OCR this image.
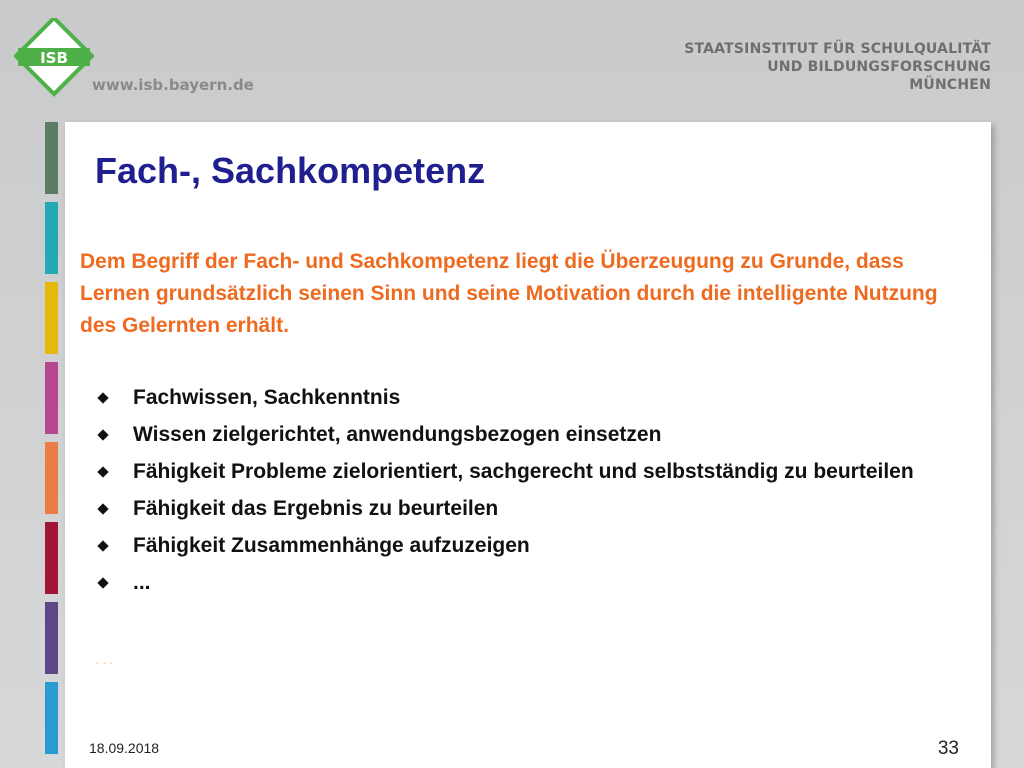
ISB
www.isb.bayern.de
STAATSINSTITUT FÜR SCHULQUALITÄT
UND BILDUNGSFORSCHUNG
MÜNCHEN
Fach-, Sachkompetenz

Dem Begriff der Fach- und Sachkompetenz liegt die Überzeugung zu Grunde, dass Lernen grundsätzlich seinen Sinn und seine Motivation durch die intelligente Nutzung des Gelernten erhält.

Fachwissen, Sachkenntnis
Wissen zielgerichtet, anwendungsbezogen einsetzen
Fähigkeit Probleme zielorientiert, sachgerecht und selbstständig zu beurteilen
Fähigkeit das Ergebnis zu beurteilen
Fähigkeit Zusammenhänge aufzuzeigen
...
...
18.09.2018	33
